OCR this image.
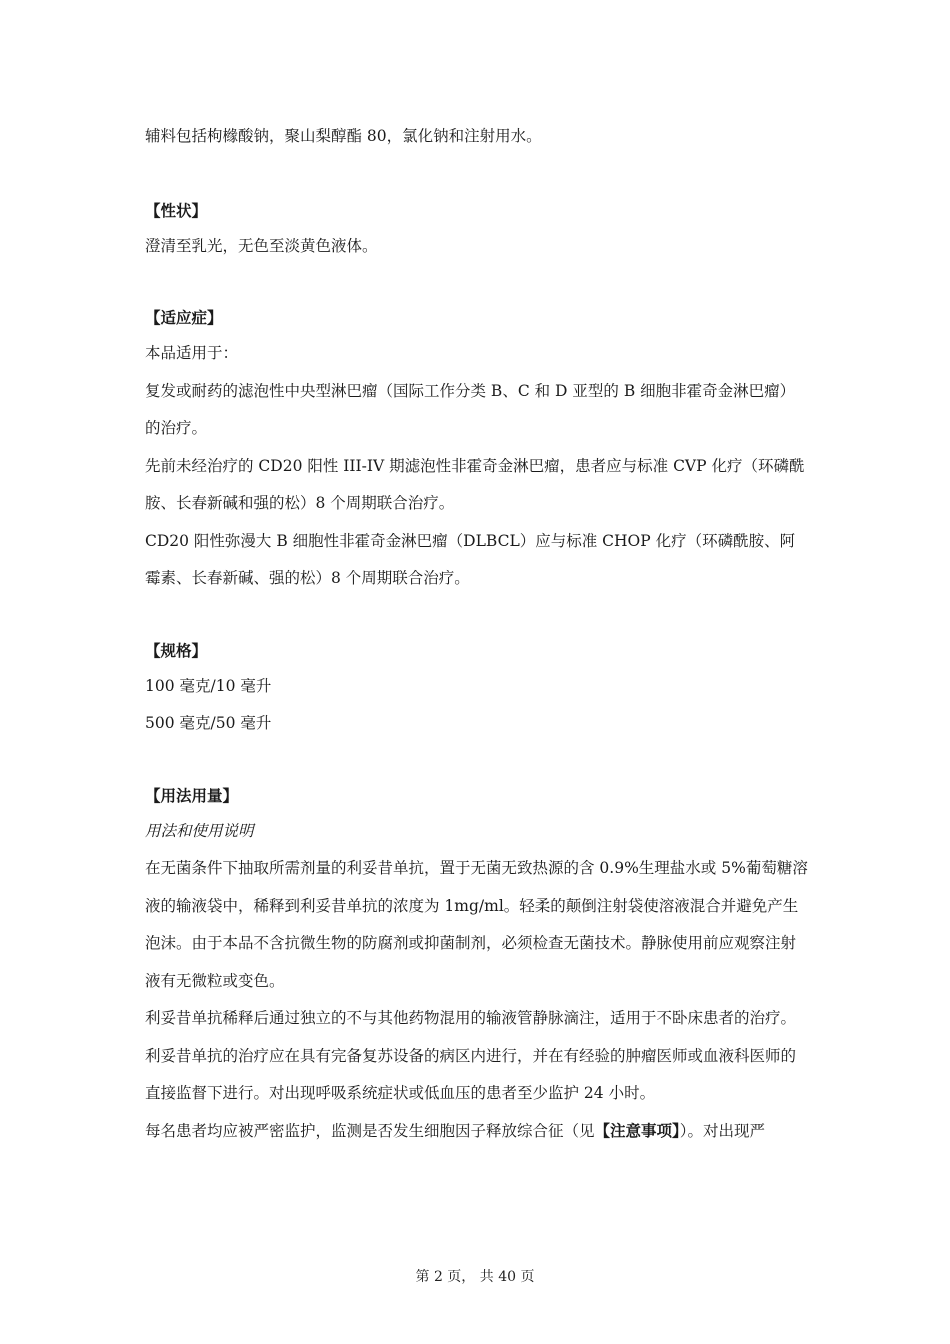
辅料包括枸橼酸钠，聚山梨醇酯 80，氯化钠和注射用水。

【性状】

澄清至乳光，无色至淡黄色液体。

【适应症】

本品适用于：

复发或耐药的滤泡性中央型淋巴瘤（国际工作分类 B、C 和 D 亚型的 B 细胞非霍奇金淋巴瘤）的治疗。

先前未经治疗的 CD20 阳性 III-IV 期滤泡性非霍奇金淋巴瘤，患者应与标准 CVP 化疗（环磷酰胺、长春新碱和强的松）8 个周期联合治疗。

CD20 阳性弥漫大 B 细胞性非霍奇金淋巴瘤（DLBCL）应与标准 CHOP 化疗（环磷酰胺、阿霉素、长春新碱、强的松）8 个周期联合治疗。

【规格】

100 毫克/10 毫升

500 毫克/50 毫升

【用法用量】

用法和使用说明

在无菌条件下抽取所需剂量的利妥昔单抗，置于无菌无致热源的含 0.9%生理盐水或 5%葡萄糖溶液的输液袋中，稀释到利妥昔单抗的浓度为 1mg/ml。轻柔的颠倒注射袋使溶液混合并避免产生泡沫。由于本品不含抗微生物的防腐剂或抑菌制剂，必须检查无菌技术。静脉使用前应观察注射液有无微粒或变色。

利妥昔单抗稀释后通过独立的不与其他药物混用的输液管静脉滴注，适用于不卧床患者的治疗。

利妥昔单抗的治疗应在具有完备复苏设备的病区内进行，并在有经验的肿瘤医师或血液科医师的直接监督下进行。对出现呼吸系统症状或低血压的患者至少监护 24 小时。

每名患者均应被严密监护，监测是否发生细胞因子释放综合征（见【注意事项】）。对出现严

第 2 页， 共 40 页
